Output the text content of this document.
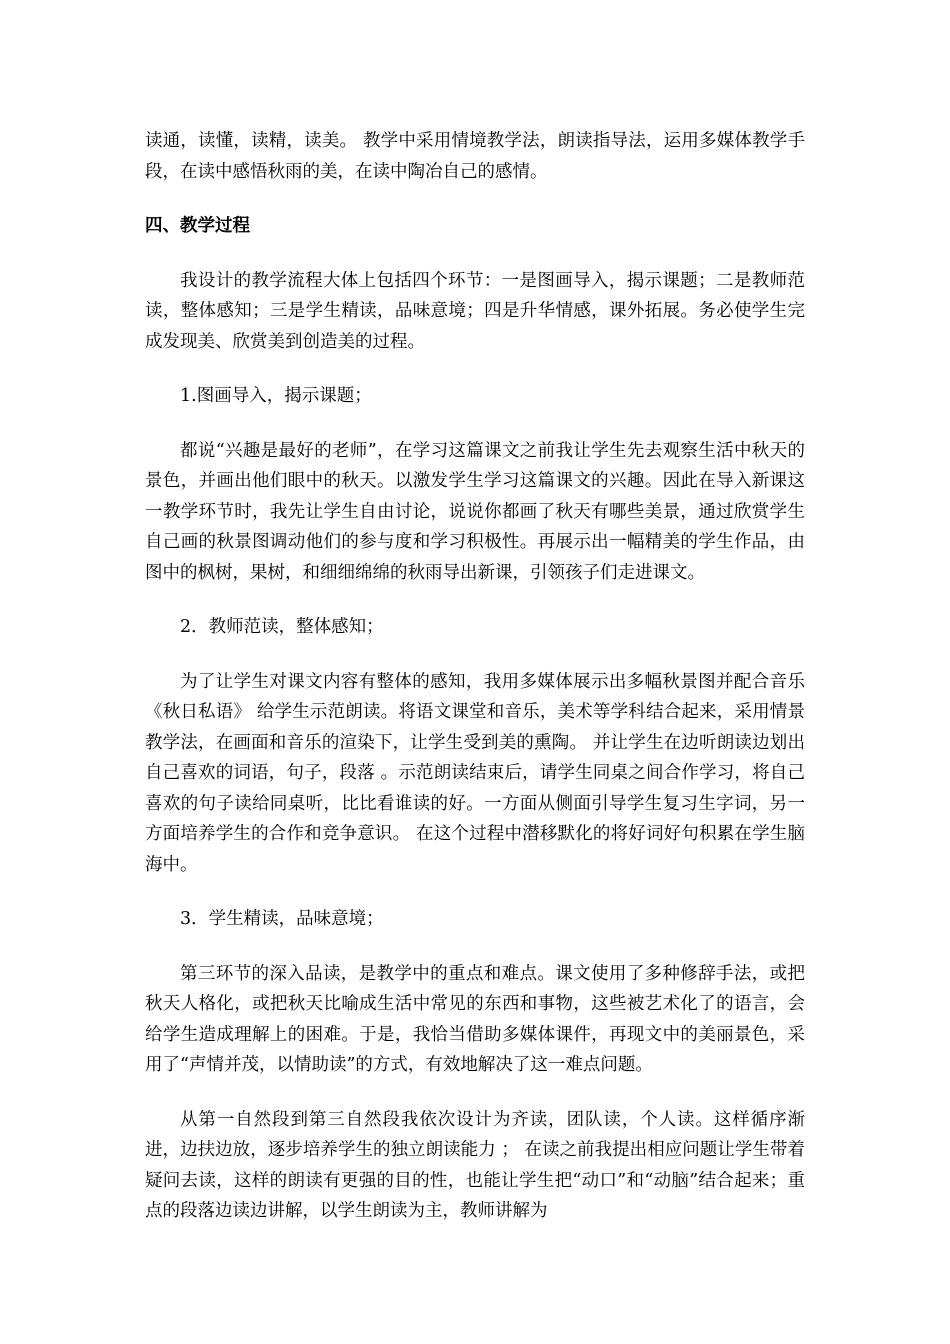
读通，读懂，读精，读美。 教学中采用情境教学法，朗读指导法，运用多媒体教学手段，在读中感悟秋雨的美，在读中陶冶自己的感情。

四、教学过程

我设计的教学流程大体上包括四个环节：一是图画导入，揭示课题；二是教师范读，整体感知；三是学生精读，品味意境；四是升华情感，课外拓展。务必使学生完成发现美、欣赏美到创造美的过程。

1.图画导入，揭示课题；

都说“兴趣是最好的老师”，在学习这篇课文之前我让学生先去观察生活中秋天的景色，并画出他们眼中的秋天。以激发学生学习这篇课文的兴趣。因此在导入新课这一教学环节时，我先让学生自由讨论，说说你都画了秋天有哪些美景，通过欣赏学生自己画的秋景图调动他们的参与度和学习积极性。再展示出一幅精美的学生作品，由图中的枫树，果树，和细细绵绵的秋雨导出新课，引领孩子们走进课文。

2．教师范读，整体感知；

为了让学生对课文内容有整体的感知，我用多媒体展示出多幅秋景图并配合音乐《秋日私语》 给学生示范朗读。将语文课堂和音乐，美术等学科结合起来，采用情景教学法，在画面和音乐的渲染下，让学生受到美的熏陶。 并让学生在边听朗读边划出自己喜欢的词语，句子，段落 。示范朗读结束后，请学生同桌之间合作学习，将自己喜欢的句子读给同桌听，比比看谁读的好。一方面从侧面引导学生复习生字词，另一方面培养学生的合作和竞争意识。 在这个过程中潜移默化的将好词好句积累在学生脑海中。

3．学生精读，品味意境；

第三环节的深入品读，是教学中的重点和难点。课文使用了多种修辞手法，或把秋天人格化，或把秋天比喻成生活中常见的东西和事物，这些被艺术化了的语言，会给学生造成理解上的困难。于是，我恰当借助多媒体课件，再现文中的美丽景色，采用了“声情并茂，以情助读”的方式，有效地解决了这一难点问题。

从第一自然段到第三自然段我依次设计为齐读，团队读，个人读。这样循序渐进，边扶边放，逐步培养学生的独立朗读能力 ； 在读之前我提出相应问题让学生带着疑问去读，这样的朗读有更强的目的性，也能让学生把“动口”和“动脑”结合起来；重点的段落边读边讲解，以学生朗读为主，教师讲解为
